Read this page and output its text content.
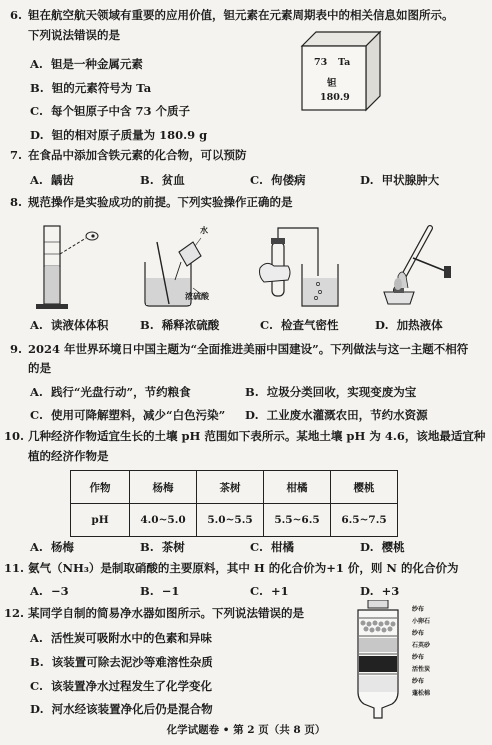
6. 钽在航空航天领域有重要的应用价值，钽元素在元素周期表中的相关信息如图所示。
下列说法错误的是
A. 钽是一种金属元素
B. 钽的元素符号为 Ta
C. 每个钽原子中含 73 个质子
D. 钽的相对原子质量为 180.9 g
73 Ta
钽
180.9
7. 在食品中添加含铁元素的化合物，可以预防
A. 龋齿	B. 贫血	C. 佝偻病	D. 甲状腺肿大
8. 规范操作是实验成功的前提。下列实验操作正确的是
水
浓硫酸
A. 读液体体积	B. 稀释浓硫酸	C. 检查气密性	D. 加热液体
9. 2024 年世界环境日中国主题为“全面推进美丽中国建设”。下列做法与这一主题不相符
的是
A. 践行“光盘行动”，节约粮食	B. 垃圾分类回收，实现变废为宝
C. 使用可降解塑料，减少“白色污染” D. 工业废水灌溉农田，节约水资源
10. 几种经济作物适宜生长的土壤 pH 范围如下表所示。某地土壤 pH 为 4.6，该地最适宜种
植的经济作物是
作物	杨梅	茶树	柑橘	樱桃
pH	4.0~5.0	5.0~5.5	5.5~6.5	6.5~7.5
A. 杨梅	B. 茶树	C. 柑橘	D. 樱桃
11. 氨气（NH₃）是制取硝酸的主要原料，其中 H 的化合价为+1 价，则 N 的化合价为
A. −3	B. −1	C. +1	D. +3
12. 某同学自制的简易净水器如图所示。下列说法错误的是
A. 活性炭可吸附水中的色素和异味
B. 该装置可除去泥沙等难溶性杂质
C. 该装置净水过程发生了化学变化
D. 河水经该装置净化后仍是混合物
纱布
小卵石
纱布
石英砂
纱布
活性炭
纱布
蓬松棉
化学试题卷 • 第 2 页（共 8 页）
